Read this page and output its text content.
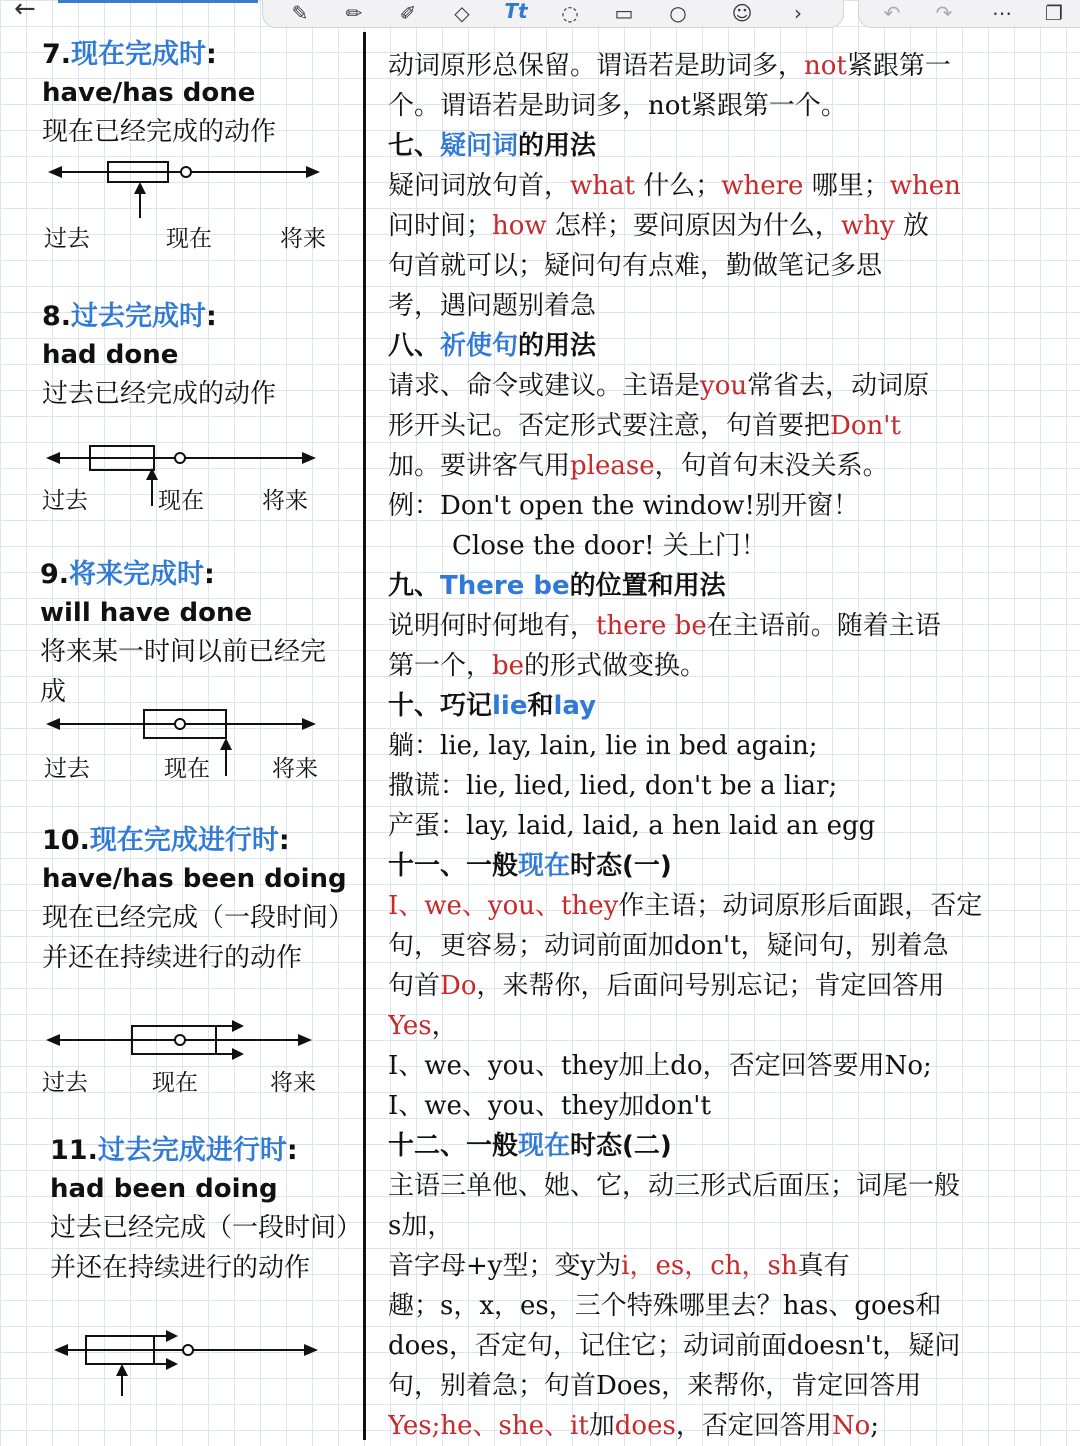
←	✎	✏	✐	◇	Tt	◌	▭	○	☺	›	↶	↷	⋯	❐
7.现在完成时:
have/has done
现在已经完成的动作
过去	现在	将来
8.过去完成时:
had done
过去已经完成的动作
过去	现在	将来
9.将来完成时:
will have done
将来某一时间以前已经完成
过去	现在	将来
10.现在完成进行时:
have/has been doing
现在已经完成（一段时间）并还在持续进行的动作
过去	现在	将来
11.过去完成进行时:
had been doing
过去已经完成（一段时间）并还在持续进行的动作
动词原形总保留。谓语若是助词多，not紧跟第一
个。谓语若是助词多，not紧跟第一个。
七、疑问词的用法
疑问词放句首，what 什么；where 哪里；when
问时间；how 怎样；要问原因为什么，why 放
句首就可以；疑问句有点难，勤做笔记多思
考，遇问题别着急
八、祈使句的用法
请求、命令或建议。主语是you常省去，动词原
形开头记。否定形式要注意，句首要把Don't
加。要讲客气用please，句首句末没关系。
例：Don't open the window!别开窗！
Close the door! 关上门！
九、There be的位置和用法
说明何时何地有，there be在主语前。随着主语
第一个，be的形式做变换。
十、巧记lie和lay
躺：lie, lay, lain, lie in bed again;
撒谎：lie, lied, lied, don't be a liar;
产蛋：lay, laid, laid, a hen laid an egg
十一、一般现在时态(一)
I、we、you、they作主语；动词原形后面跟，否定
句，更容易；动词前面加don't，疑问句，别着急
句首Do，来帮你，后面问号别忘记；肯定回答用
Yes，
I、we、you、they加上do，否定回答要用No;
I、we、you、they加don't
十二、一般现在时态(二)
主语三单他、她、它，动三形式后面压；词尾一般
s加，
音字母+y型；变y为i，es，ch，sh真有
趣；s，x，es，三个特殊哪里去？has、goes和
does，否定句，记住它；动词前面doesn't，疑问
句，别着急；句首Does，来帮你，肯定回答用
Yes;he、she、it加does，否定回答用No;
